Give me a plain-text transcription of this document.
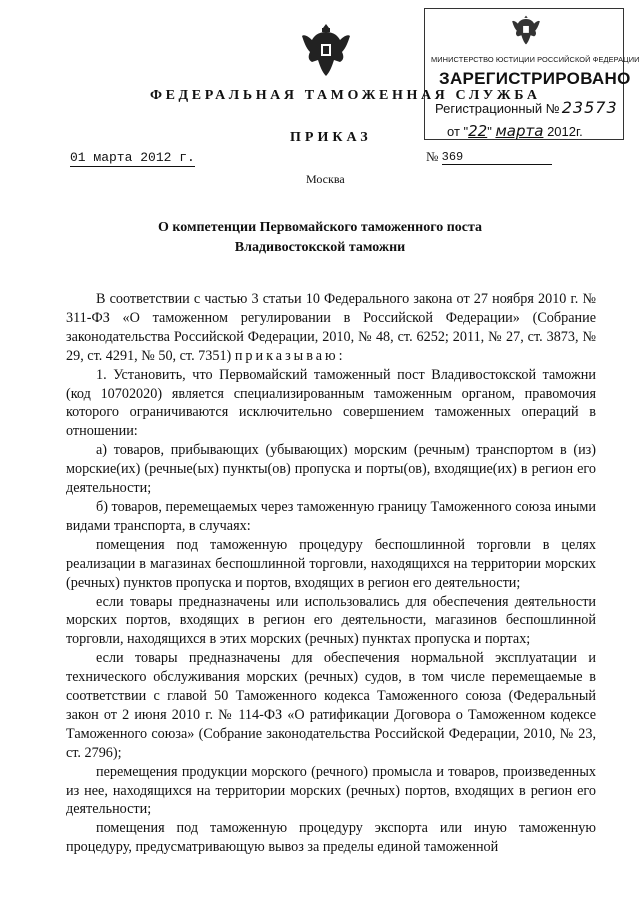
МИНИСТЕРСТВО ЮСТИЦИИ РОССИЙСКОЙ ФЕДЕРАЦИИ
ЗАРЕГИСТРИРОВАНО
Регистрационный № 23573
от "22" марта 2012г.
ФЕДЕРАЛЬНАЯ ТАМОЖЕННАЯ СЛУЖБА
ПРИКАЗ
01 марта 2012 г.	№ 369
Москва
О компетенции Первомайского таможенного поста
Владивостокской таможни

В соответствии с частью 3 статьи 10 Федерального закона от 27 ноября 2010 г. № 311-ФЗ «О таможенном регулировании в Российской Федерации» (Собрание законодательства Российской Федерации, 2010, № 48, ст. 6252; 2011, № 27, ст. 3873, № 29, ст. 4291, № 50, ст. 7351) приказываю:

1. Установить, что Первомайский таможенный пост Владивостокской таможни (код 10702020) является специализированным таможенным органом, правомочия которого ограничиваются исключительно совершением таможенных операций в отношении:

а) товаров, прибывающих (убывающих) морским (речным) транспортом в (из) морские(их) (речные(ых) пункты(ов) пропуска и порты(ов), входящие(их) в регион его деятельности;

б) товаров, перемещаемых через таможенную границу Таможенного союза иными видами транспорта, в случаях:

помещения под таможенную процедуру беспошлинной торговли в целях реализации в магазинах беспошлинной торговли, находящихся на территории морских (речных) пунктов пропуска и портов, входящих в регион его деятельности;

если товары предназначены или использовались для обеспечения деятельности морских портов, входящих в регион его деятельности, магазинов беспошлинной торговли, находящихся в этих морских (речных) пунктах пропуска и портах;

если товары предназначены для обеспечения нормальной эксплуатации и технического обслуживания морских (речных) судов, в том числе перемещаемые в соответствии с главой 50 Таможенного кодекса Таможенного союза (Федеральный закон от 2 июня 2010 г. № 114-ФЗ «О ратификации Договора о Таможенном кодексе Таможенного союза» (Собрание законодательства Российской Федерации, 2010, № 23, ст. 2796);

перемещения продукции морского (речного) промысла и товаров, произведенных из нее, находящихся на территории морских (речных) портов, входящих в регион его деятельности;

помещения под таможенную процедуру экспорта или иную таможенную процедуру, предусматривающую вывоз за пределы единой таможенной
